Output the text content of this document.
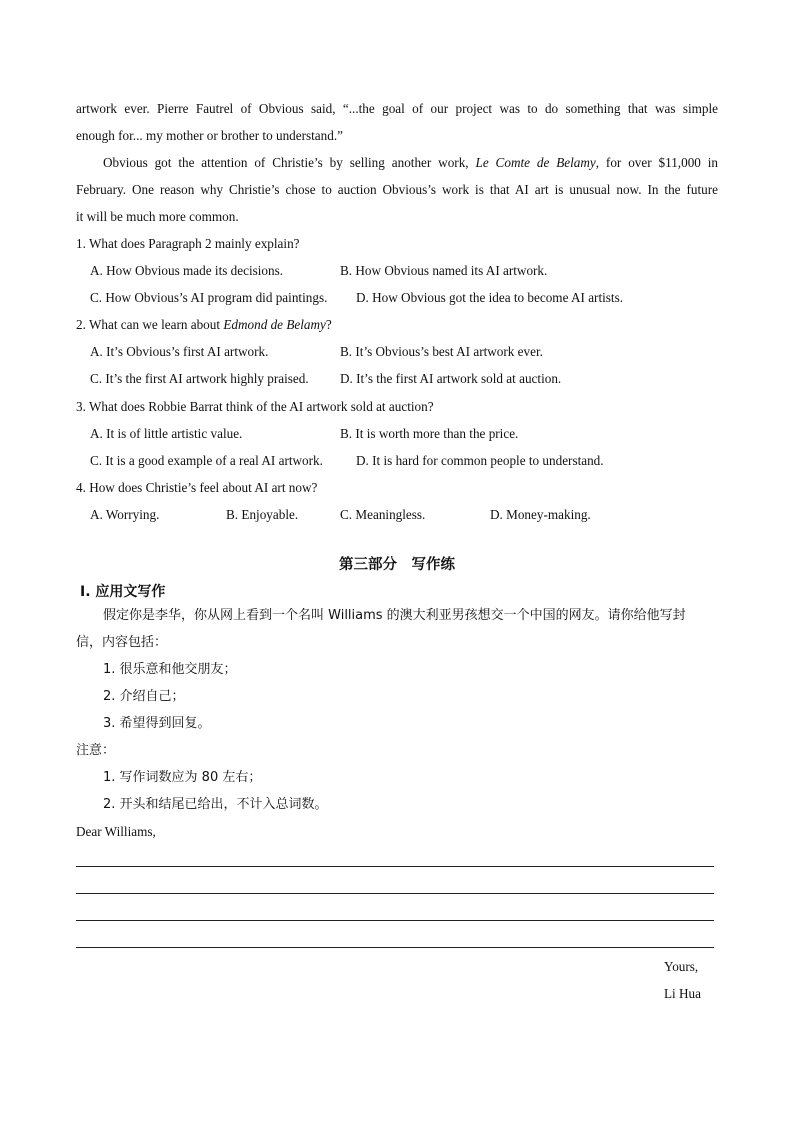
artwork ever. Pierre Fautrel of Obvious said, “...the goal of our project was to do something that was simple
enough for... my mother or brother to understand.”
Obvious got the attention of Christie’s by selling another work, Le Comte de Belamy, for over $11,000 in
February. One reason why Christie’s chose to auction Obvious’s work is that AI art is unusual now. In the future
it will be much more common.
1. What does Paragraph 2 mainly explain?
A. How Obvious made its decisions.	B. How Obvious named its AI artwork.
C. How Obvious’s AI program did paintings. D. How Obvious got the idea to become AI artists.
2. What can we learn about Edmond de Belamy?
A. It’s Obvious’s first AI artwork.	B. It’s Obvious’s best AI artwork ever.
C. It’s the first AI artwork highly praised. D. It’s the first AI artwork sold at auction.
3. What does Robbie Barrat think of the AI artwork sold at auction?
A. It is of little artistic value.	B. It is worth more than the price.
C. It is a good example of a real AI artwork.	D. It is hard for common people to understand.
4. How does Christie’s feel about AI art now?
A. Worrying.	B. Enjoyable.	C. Meaningless.	D. Money-making.
第三部分　写作练
Ⅰ. 应用文写作
假定你是李华，你从网上看到一个名叫 Williams 的澳大利亚男孩想交一个中国的网友。请你给他写封
信，内容包括：
1. 很乐意和他交朋友；
2. 介绍自己；
3. 希望得到回复。
注意：
1. 写作词数应为 80 左右；
2. 开头和结尾已给出，不计入总词数。
Dear Williams,
Yours,
Li Hua
